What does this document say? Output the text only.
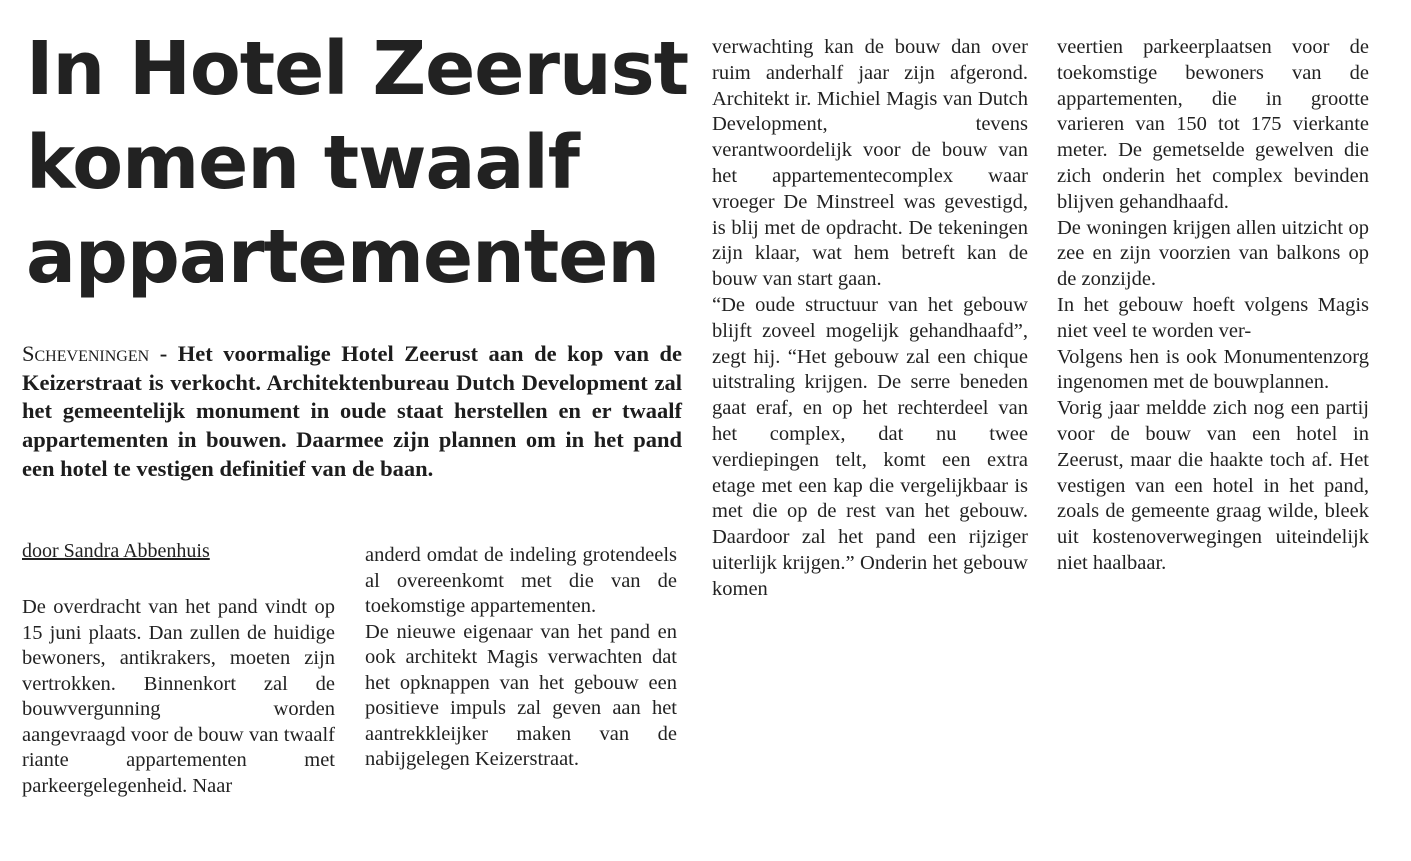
In Hotel Zeerust
komen twaalf
appartementen
Scheveningen - Het voormalige Hotel Zeerust aan de kop van de Keizerstraat is verkocht. Architektenbureau Dutch Development zal het gemeentelijk monument in oude staat herstellen en er twaalf appartementen in bouwen. Daarmee zijn plannen om in het pand een hotel te vestigen definitief van de baan.
door Sandra Abbenhuis

De overdracht van het pand vindt op 15 juni plaats. Dan zullen de huidige bewoners, antikrakers, moeten zijn vertrokken. Binnenkort zal de bouwvergunning worden aangevraagd voor de bouw van twaalf riante appartementen met parkeergelegenheid. Naar

anderd omdat de indeling grotendeels al overeenkomt met die van de toekomstige appartementen.

De nieuwe eigenaar van het pand en ook architekt Magis verwachten dat het opknappen van het gebouw een positieve impuls zal geven aan het aantrekkleijker maken van de nabijgelegen Keizerstraat.

verwachting kan de bouw dan over ruim anderhalf jaar zijn afgerond. Architekt ir. Michiel Magis van Dutch Development, tevens verantwoordelijk voor de bouw van het appartementecomplex waar vroeger De Minstreel was gevestigd, is blij met de opdracht. De tekeningen zijn klaar, wat hem betreft kan de bouw van start gaan.

“De oude structuur van het gebouw blijft zoveel mogelijk gehandhaafd”, zegt hij. “Het gebouw zal een chique uitstraling krijgen. De serre beneden gaat eraf, en op het rechterdeel van het complex, dat nu twee verdiepingen telt, komt een extra etage met een kap die vergelijkbaar is met die op de rest van het gebouw. Daardoor zal het pand een rijziger uiterlijk krijgen.” Onderin het gebouw komen

veertien parkeerplaatsen voor de toekomstige bewoners van de appartementen, die in grootte varieren van 150 tot 175 vierkante meter. De gemetselde gewelven die zich onderin het complex bevinden blijven gehandhaafd.

De woningen krijgen allen uitzicht op zee en zijn voorzien van balkons op de zonzijde.

In het gebouw hoeft volgens Magis niet veel te worden ver-

Volgens hen is ook Monumentenzorg ingenomen met de bouwplannen.

Vorig jaar meldde zich nog een partij voor de bouw van een hotel in Zeerust, maar die haakte toch af. Het vestigen van een hotel in het pand, zoals de gemeente graag wilde, bleek uit kostenoverwegingen uiteindelijk niet haalbaar.
